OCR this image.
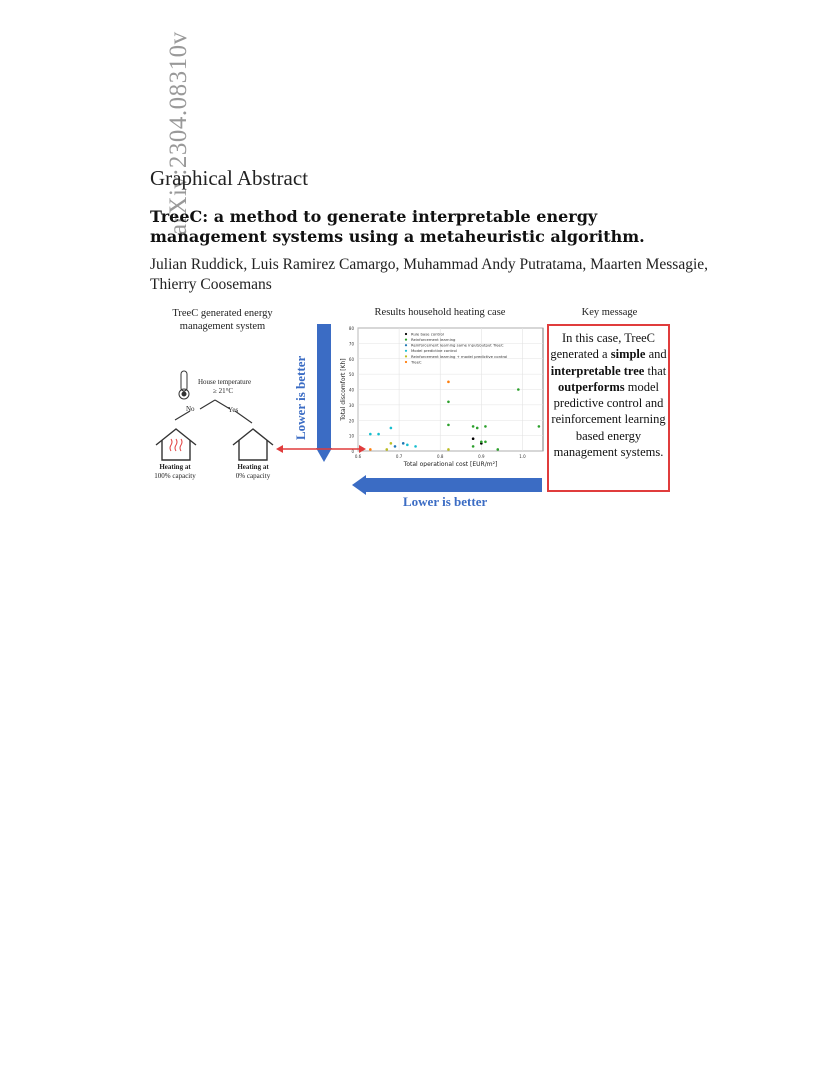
arXiv:2304.08310v
Graphical Abstract
TreeC: a method to generate interpretable energy management systems using a metaheuristic algorithm.
Julian Ruddick, Luis Ramirez Camargo, Muhammad Andy Putratama, Maarten Messagie, Thierry Coosemans
TreeC generated energy management system
Results household heating case	Key message
House temperature
≥ 21°C
No	Yes
Heating at
100% capacity
Heating at
0% capacity
Lower is better
80
70
60
50
40
30
20
10
0
0.6	0.7	0.8	0.9	1.0
Total operational cost [EUR/m²]
Total discomfort [Kh]
Rule base control
Reinforcement learning
Reinforcement learning same input/output TreeC
Model predictive control
Reinforcement learning + model predictive control
TreeC
Lower is better
In this case, TreeC generated a simple and interpretable tree that outperforms model predictive control and reinforcement learning based energy management systems.
